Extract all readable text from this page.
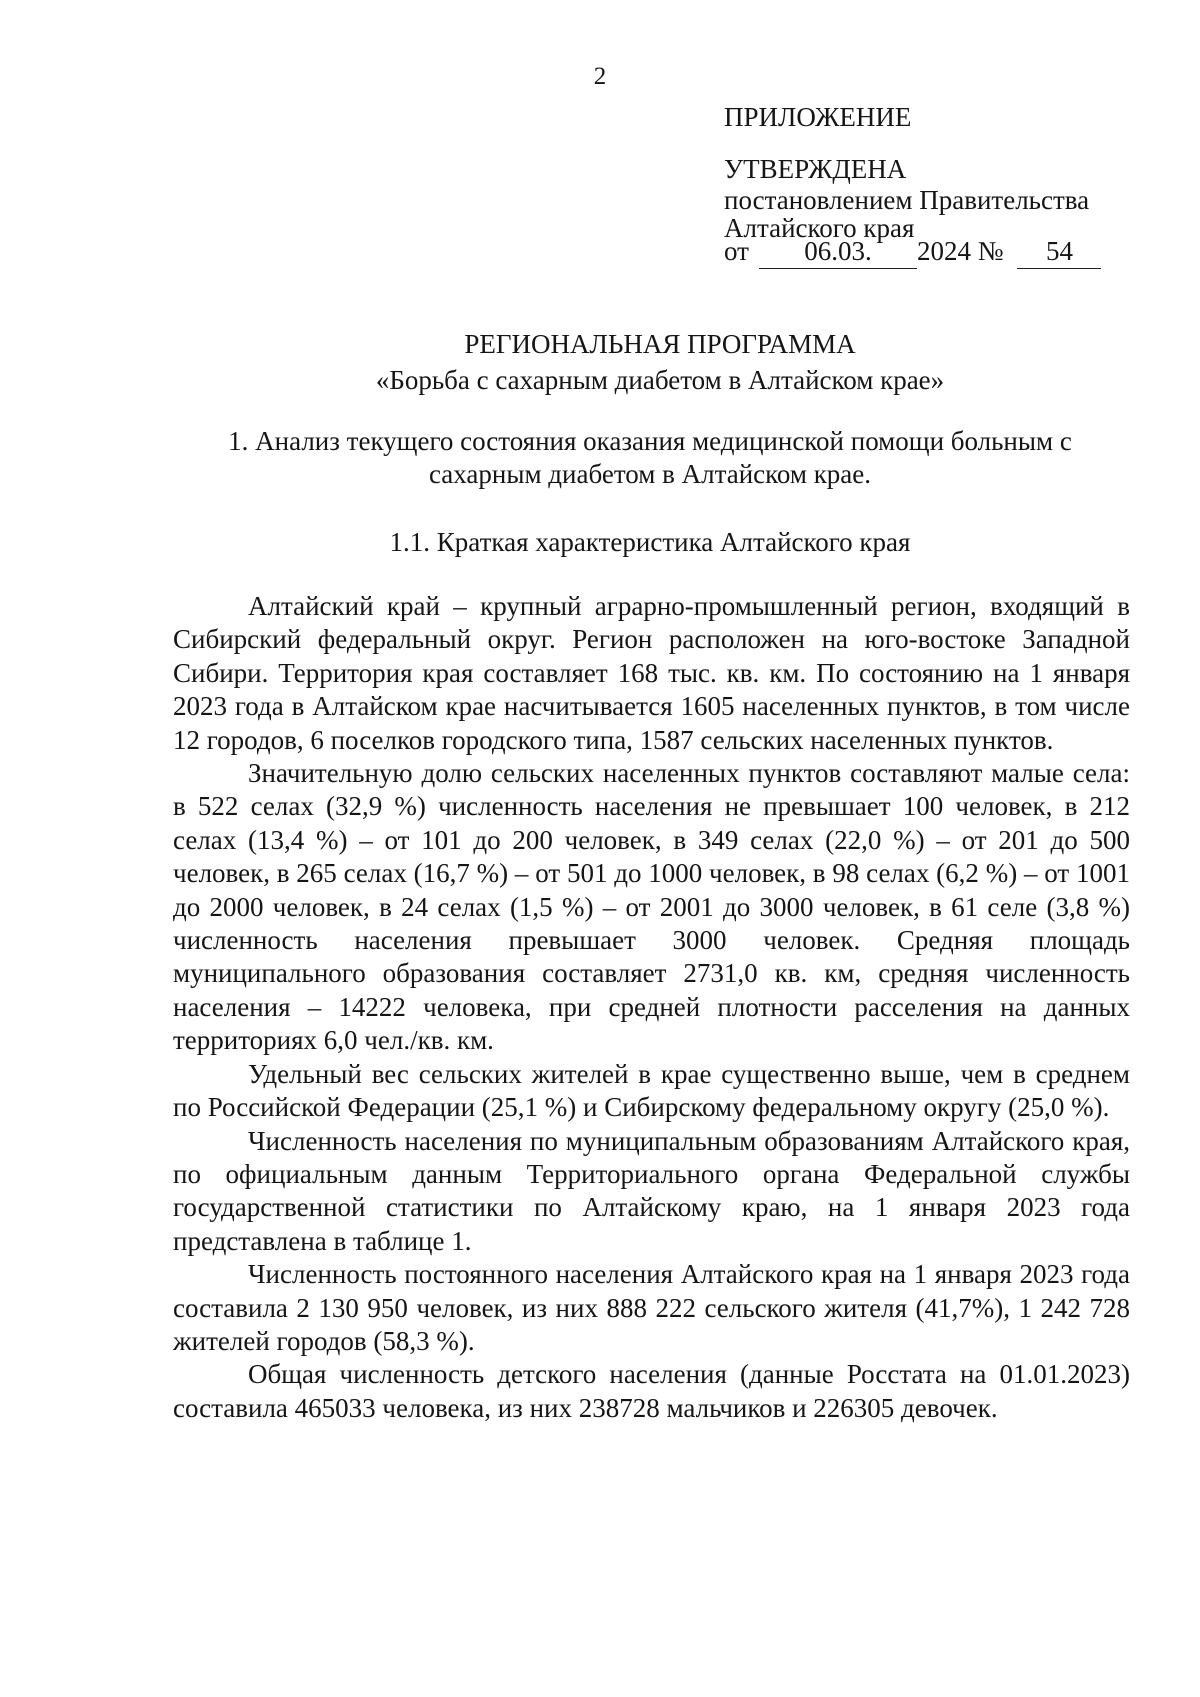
2
ПРИЛОЖЕНИЕ
УТВЕРЖДЕНА
постановлением Правительства
Алтайского края
от 06.03. 2024 № 54
РЕГИОНАЛЬНАЯ ПРОГРАММА
«Борьба с сахарным диабетом в Алтайском крае»
1. Анализ текущего состояния оказания медицинской помощи больным с сахарным диабетом в Алтайском крае.
1.1. Краткая характеристика Алтайского края

Алтайский край – крупный аграрно-промышленный регион, входящий в Сибирский федеральный округ. Регион расположен на юго-востоке Западной Сибири. Территория края составляет 168 тыс. кв. км. По состоянию на 1 января 2023 года в Алтайском крае насчитывается 1605 населенных пунктов, в том числе 12 городов, 6 поселков городского типа, 1587 сельских населенных пунктов.

Значительную долю сельских населенных пунктов составляют малые села: в 522 селах (32,9 %) численность населения не превышает 100 человек, в 212 селах (13,4 %) – от 101 до 200 человек, в 349 селах (22,0 %) – от 201 до 500 человек, в 265 селах (16,7 %) – от 501 до 1000 человек, в 98 селах (6,2 %) – от 1001 до 2000 человек, в 24 селах (1,5 %) – от 2001 до 3000 человек, в 61 селе (3,8 %) численность населения превышает 3000 человек. Средняя площадь муниципального образования составляет 2731,0 кв. км, средняя численность населения – 14222 человека, при средней плотности расселения на данных территориях 6,0 чел./кв. км.

Удельный вес сельских жителей в крае существенно выше, чем в среднем по Российской Федерации (25,1 %) и Сибирскому федеральному округу (25,0 %).

Численность населения по муниципальным образованиям Алтайского края, по официальным данным Территориального органа Федеральной службы государственной статистики по Алтайскому краю, на 1 января 2023 года представлена в таблице 1.

Численность постоянного населения Алтайского края на 1 января 2023 года составила 2 130 950 человек, из них 888 222 сельского жителя (41,7%), 1 242 728 жителей городов (58,3 %).

Общая численность детского населения (данные Росстата на 01.01.2023) составила 465033 человека, из них 238728 мальчиков и 226305 девочек.
